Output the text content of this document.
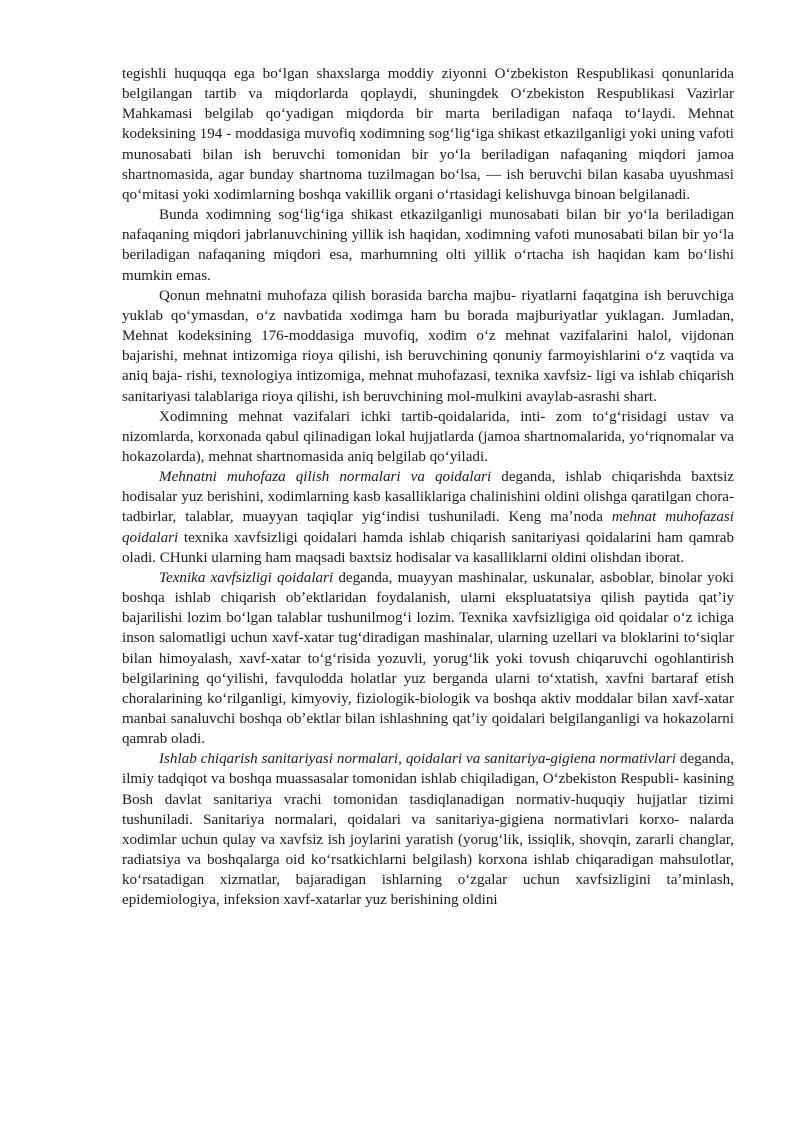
tegishli huquqqa ega boʻlgan shaxslarga moddiy ziyonni Oʻzbekiston Respublikasi qonunlarida belgilangan tartib va miqdorlarda qoplaydi, shuningdek Oʻzbekiston Respublikasi Vazirlar Mahkamasi belgilab qoʻyadigan miqdorda bir marta beriladigan nafaqa toʻlaydi. Mehnat kodeksining 194 - moddasiga muvofiq xodimning sogʻligʻiga shikast etkazilganligi yoki uning vafoti munosabati bilan ish beruvchi tomonidan bir yoʻla beriladigan nafaqaning miqdori jamoa shartnomasida, agar bunday shartnoma tuzilmagan boʻlsa, — ish beruvchi bilan kasaba uyushmasi qoʻmitasi yoki xodimlarning boshqa vakillik organi oʻrtasidagi kelishuvga binoan belgilanadi.

Bunda xodimning sogʻligʻiga shikast etkazilganligi munosabati bilan bir yoʻla beriladigan nafaqaning miqdori jabrlanuvchining yillik ish haqidan, xodimning vafoti munosabati bilan bir yoʻla beriladigan nafaqaning miqdori esa, marhumning olti yillik oʻrtacha ish haqidan kam boʻlishi mumkin emas.

Qonun mehnatni muhofaza qilish borasida barcha majbu- riyatlarni faqatgina ish beruvchiga yuklab qoʻymasdan, oʻz navbatida xodimga ham bu borada majburiyatlar yuklagan. Jumladan, Mehnat kodeksining 176-moddasiga muvofiq, xodim oʻz mehnat vazifalarini halol, vijdonan bajarishi, mehnat intizomiga rioya qilishi, ish beruvchining qonuniy farmoyishlarini oʻz vaqtida va aniq baja- rishi, texnologiya intizomiga, mehnat muhofazasi, texnika xavfsiz- ligi va ishlab chiqarish sanitariyasi talablariga rioya qilishi, ish beruvchining mol-mulkini avaylab-asrashi shart.

Xodimning mehnat vazifalari ichki tartib-qoidalarida, inti- zom toʻgʻrisidagi ustav va nizomlarda, korxonada qabul qilinadigan lokal hujjatlarda (jamoa shartnomalarida, yoʻriqnomalar va hokazolarda), mehnat shartnomasida aniq belgilab qoʻyiladi.

Mehnatni muhofaza qilish normalari va qoidalari deganda, ishlab chiqarishda baxtsiz hodisalar yuz berishini, xodimlarning kasb kasalliklariga chalinishini oldini olishga qaratilgan chora-tadbirlar, talablar, muayyan taqiqlar yigʻindisi tushuniladi. Keng maʼnoda mehnat muhofazasi qoidalari texnika xavfsizligi qoidalari hamda ishlab chiqarish sanitariyasi qoidalarini ham qamrab oladi. CHunki ularning ham maqsadi baxtsiz hodisalar va kasalliklarni oldini olishdan iborat.

Texnika xavfsizligi qoidalari deganda, muayyan mashinalar, uskunalar, asboblar, binolar yoki boshqa ishlab chiqarish obʼektlaridan foydalanish, ularni ekspluatatsiya qilish paytida qatʼiy bajarilishi lozim boʻlgan talablar tushunilmogʻi lozim. Texnika xavfsizligiga oid qoidalar oʻz ichiga inson salomatligi uchun xavf-xatar tugʻdiradigan mashinalar, ularning uzellari va bloklarini toʻsiqlar bilan himoyalash, xavf-xatar toʻgʻrisida yozuvli, yorugʻlik yoki tovush chiqaruvchi ogohlantirish belgilarining qoʻyilishi, favqulodda holatlar yuz berganda ularni toʻxtatish, xavfni bartaraf etish choralarining koʻrilganligi, kimyoviy, fiziologik-biologik va boshqa aktiv moddalar bilan xavf-xatar manbai sanaluvchi boshqa obʼektlar bilan ishlashning qatʼiy qoidalari belgilanganligi va hokazolarni qamrab oladi.

Ishlab chiqarish sanitariyasi normalari, qoidalari va sanitariya-gigiena normativlari deganda, ilmiy tadqiqot va boshqa muassasalar tomonidan ishlab chiqiladigan, Oʻzbekiston Respubli- kasining Bosh davlat sanitariya vrachi tomonidan tasdiqlanadigan normativ-huquqiy hujjatlar tizimi tushuniladi. Sanitariya normalari, qoidalari va sanitariya-gigiena normativlari korxo- nalarda xodimlar uchun qulay va xavfsiz ish joylarini yaratish (yorugʻlik, issiqlik, shovqin, zararli changlar, radiatsiya va boshqalarga oid koʻrsatkichlarni belgilash) korxona ishlab chiqaradigan mahsulotlar, koʻrsatadigan xizmatlar, bajaradigan ishlarning oʻzgalar uchun xavfsizligini taʼminlash, epidemiologiya, infeksion xavf-xatarlar yuz berishining oldini
